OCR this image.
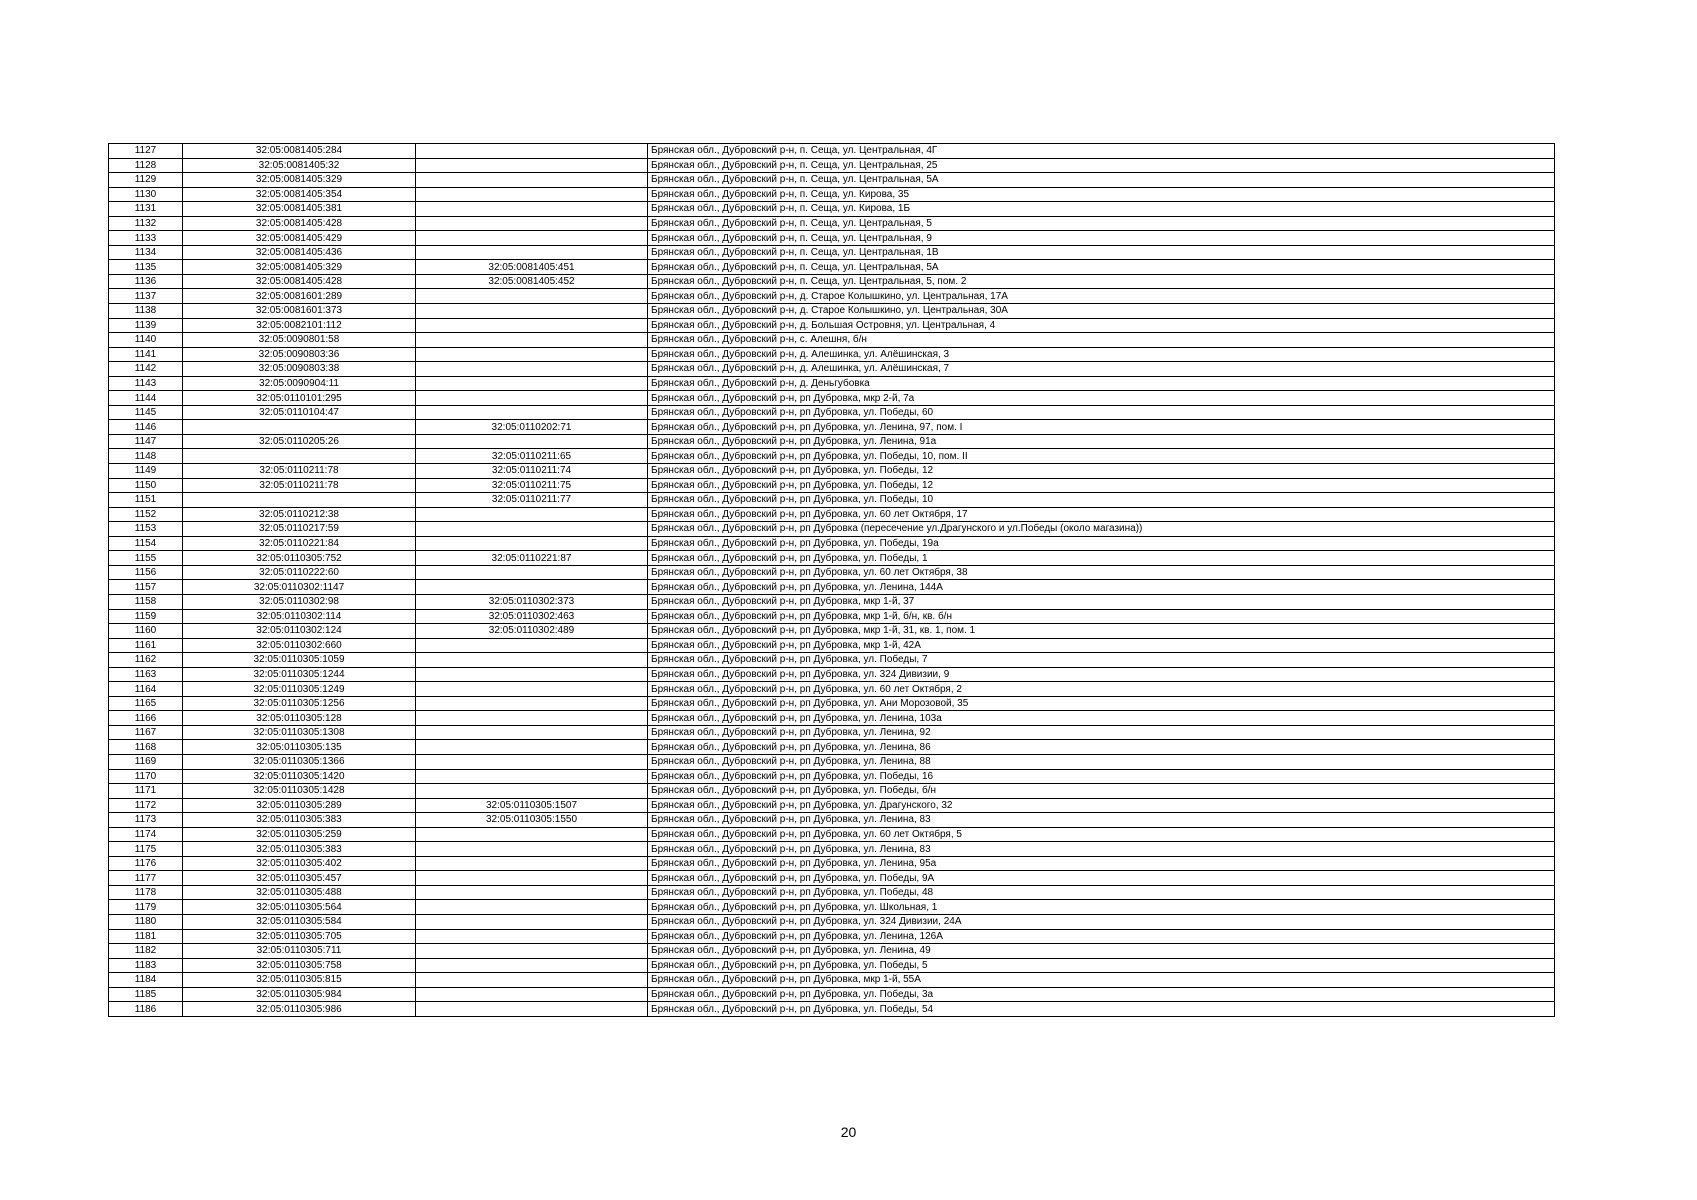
1127	32:05:0081405:284		Брянская обл., Дубровский р-н, п. Сеща, ул. Центральная, 4Г
1128	32:05:0081405:32		Брянская обл., Дубровский р-н, п. Сеща, ул. Центральная, 25
1129	32:05:0081405:329		Брянская обл., Дубровский р-н, п. Сеща, ул. Центральная, 5А
1130	32:05:0081405:354		Брянская обл., Дубровский р-н, п. Сеща, ул. Кирова, 35
1131	32:05:0081405:381		Брянская обл., Дубровский р-н, п. Сеща, ул. Кирова, 1Б
1132	32:05:0081405:428		Брянская обл., Дубровский р-н, п. Сеща, ул. Центральная, 5
1133	32:05:0081405:429		Брянская обл., Дубровский р-н, п. Сеща, ул. Центральная, 9
1134	32:05:0081405:436		Брянская обл., Дубровский р-н, п. Сеща, ул. Центральная, 1В
1135	32:05:0081405:329	32:05:0081405:451	Брянская обл., Дубровский р-н, п. Сеща, ул. Центральная, 5А
1136	32:05:0081405:428	32:05:0081405:452	Брянская обл., Дубровский р-н, п. Сеща, ул. Центральная, 5, пом. 2
1137	32:05:0081601:289		Брянская обл., Дубровский р-н, д. Старое Колышкино, ул. Центральная, 17А
1138	32:05:0081601:373		Брянская обл., Дубровский р-н, д. Старое Колышкино, ул. Центральная, 30А
1139	32:05:0082101:112		Брянская обл., Дубровский р-н, д. Большая Островня, ул. Центральная, 4
1140	32:05:0090801:58		Брянская обл., Дубровский р-н, с. Алешня, б/н
1141	32:05:0090803:36		Брянская обл., Дубровский р-н, д. Алешинка, ул. Алёшинская, 3
1142	32:05:0090803:38		Брянская обл., Дубровский р-н, д. Алешинка, ул. Алёшинская, 7
1143	32:05:0090904:11		Брянская обл., Дубровский р-н, д. Деньгубовка
1144	32:05:0110101:295		Брянская обл., Дубровский р-н, рп Дубровка, мкр 2-й, 7а
1145	32:05:0110104:47		Брянская обл., Дубровский р-н, рп Дубровка, ул. Победы, 60
1146		32:05:0110202:71	Брянская обл., Дубровский р-н, рп Дубровка, ул. Ленина, 97, пом. I
1147	32:05:0110205:26		Брянская обл., Дубровский р-н, рп Дубровка, ул. Ленина, 91а
1148		32:05:0110211:65	Брянская обл., Дубровский р-н, рп Дубровка, ул. Победы, 10, пом. II
1149	32:05:0110211:78	32:05:0110211:74	Брянская обл., Дубровский р-н, рп Дубровка, ул. Победы, 12
1150	32:05:0110211:78	32:05:0110211:75	Брянская обл., Дубровский р-н, рп Дубровка, ул. Победы, 12
1151		32:05:0110211:77	Брянская обл., Дубровский р-н, рп Дубровка, ул. Победы, 10
1152	32:05:0110212:38		Брянская обл., Дубровский р-н, рп Дубровка, ул. 60 лет Октября, 17
1153	32:05:0110217:59		Брянская обл., Дубровский р-н, рп Дубровка (пересечение ул.Драгунского и ул.Победы (около магазина))
1154	32:05:0110221:84		Брянская обл., Дубровский р-н, рп Дубровка, ул. Победы, 19а
1155	32:05:0110305:752	32:05:0110221:87	Брянская обл., Дубровский р-н, рп Дубровка, ул. Победы, 1
1156	32:05:0110222:60		Брянская обл., Дубровский р-н, рп Дубровка, ул. 60 лет Октября, 38
1157	32:05:0110302:1147		Брянская обл., Дубровский р-н, рп Дубровка, ул. Ленина, 144А
1158	32:05:0110302:98	32:05:0110302:373	Брянская обл., Дубровский р-н, рп Дубровка, мкр 1-й, 37
1159	32:05:0110302:114	32:05:0110302:463	Брянская обл., Дубровский р-н, рп Дубровка, мкр 1-й, б/н, кв. б/н
1160	32:05:0110302:124	32:05:0110302:489	Брянская обл., Дубровский р-н, рп Дубровка, мкр 1-й, 31, кв. 1, пом. 1
1161	32:05:0110302:660		Брянская обл., Дубровский р-н, рп Дубровка, мкр 1-й, 42А
1162	32:05:0110305:1059		Брянская обл., Дубровский р-н, рп Дубровка, ул. Победы, 7
1163	32:05:0110305:1244		Брянская обл., Дубровский р-н, рп Дубровка, ул. 324 Дивизии, 9
1164	32:05:0110305:1249		Брянская обл., Дубровский р-н, рп Дубровка, ул. 60 лет Октября, 2
1165	32:05:0110305:1256		Брянская обл., Дубровский р-н, рп Дубровка, ул. Ани Морозовой, 35
1166	32:05:0110305:128		Брянская обл., Дубровский р-н, рп Дубровка, ул. Ленина, 103а
1167	32:05:0110305:1308		Брянская обл., Дубровский р-н, рп Дубровка, ул. Ленина, 92
1168	32:05:0110305:135		Брянская обл., Дубровский р-н, рп Дубровка, ул. Ленина, 86
1169	32:05:0110305:1366		Брянская обл., Дубровский р-н, рп Дубровка, ул. Ленина, 88
1170	32:05:0110305:1420		Брянская обл., Дубровский р-н, рп Дубровка, ул. Победы, 16
1171	32:05:0110305:1428		Брянская обл., Дубровский р-н, рп Дубровка, ул. Победы, б/н
1172	32:05:0110305:289	32:05:0110305:1507	Брянская обл., Дубровский р-н, рп Дубровка, ул. Драгунского, 32
1173	32:05:0110305:383	32:05:0110305:1550	Брянская обл., Дубровский р-н, рп Дубровка, ул. Ленина, 83
1174	32:05:0110305:259		Брянская обл., Дубровский р-н, рп Дубровка, ул. 60 лет Октября, 5
1175	32:05:0110305:383		Брянская обл., Дубровский р-н, рп Дубровка, ул. Ленина, 83
1176	32:05:0110305:402		Брянская обл., Дубровский р-н, рп Дубровка, ул. Ленина, 95а
1177	32:05:0110305:457		Брянская обл., Дубровский р-н, рп Дубровка, ул. Победы, 9А
1178	32:05:0110305:488		Брянская обл., Дубровский р-н, рп Дубровка, ул. Победы, 48
1179	32:05:0110305:564		Брянская обл., Дубровский р-н, рп Дубровка, ул. Школьная, 1
1180	32:05:0110305:584		Брянская обл., Дубровский р-н, рп Дубровка, ул. 324 Дивизии, 24А
1181	32:05:0110305:705		Брянская обл., Дубровский р-н, рп Дубровка, ул. Ленина, 126А
1182	32:05:0110305:711		Брянская обл., Дубровский р-н, рп Дубровка, ул. Ленина, 49
1183	32:05:0110305:758		Брянская обл., Дубровский р-н, рп Дубровка, ул. Победы, 5
1184	32:05:0110305:815		Брянская обл., Дубровский р-н, рп Дубровка, мкр 1-й, 55А
1185	32:05:0110305:984		Брянская обл., Дубровский р-н, рп Дубровка, ул. Победы, 3а
1186	32:05:0110305:986		Брянская обл., Дубровский р-н, рп Дубровка, ул. Победы, 54
20
